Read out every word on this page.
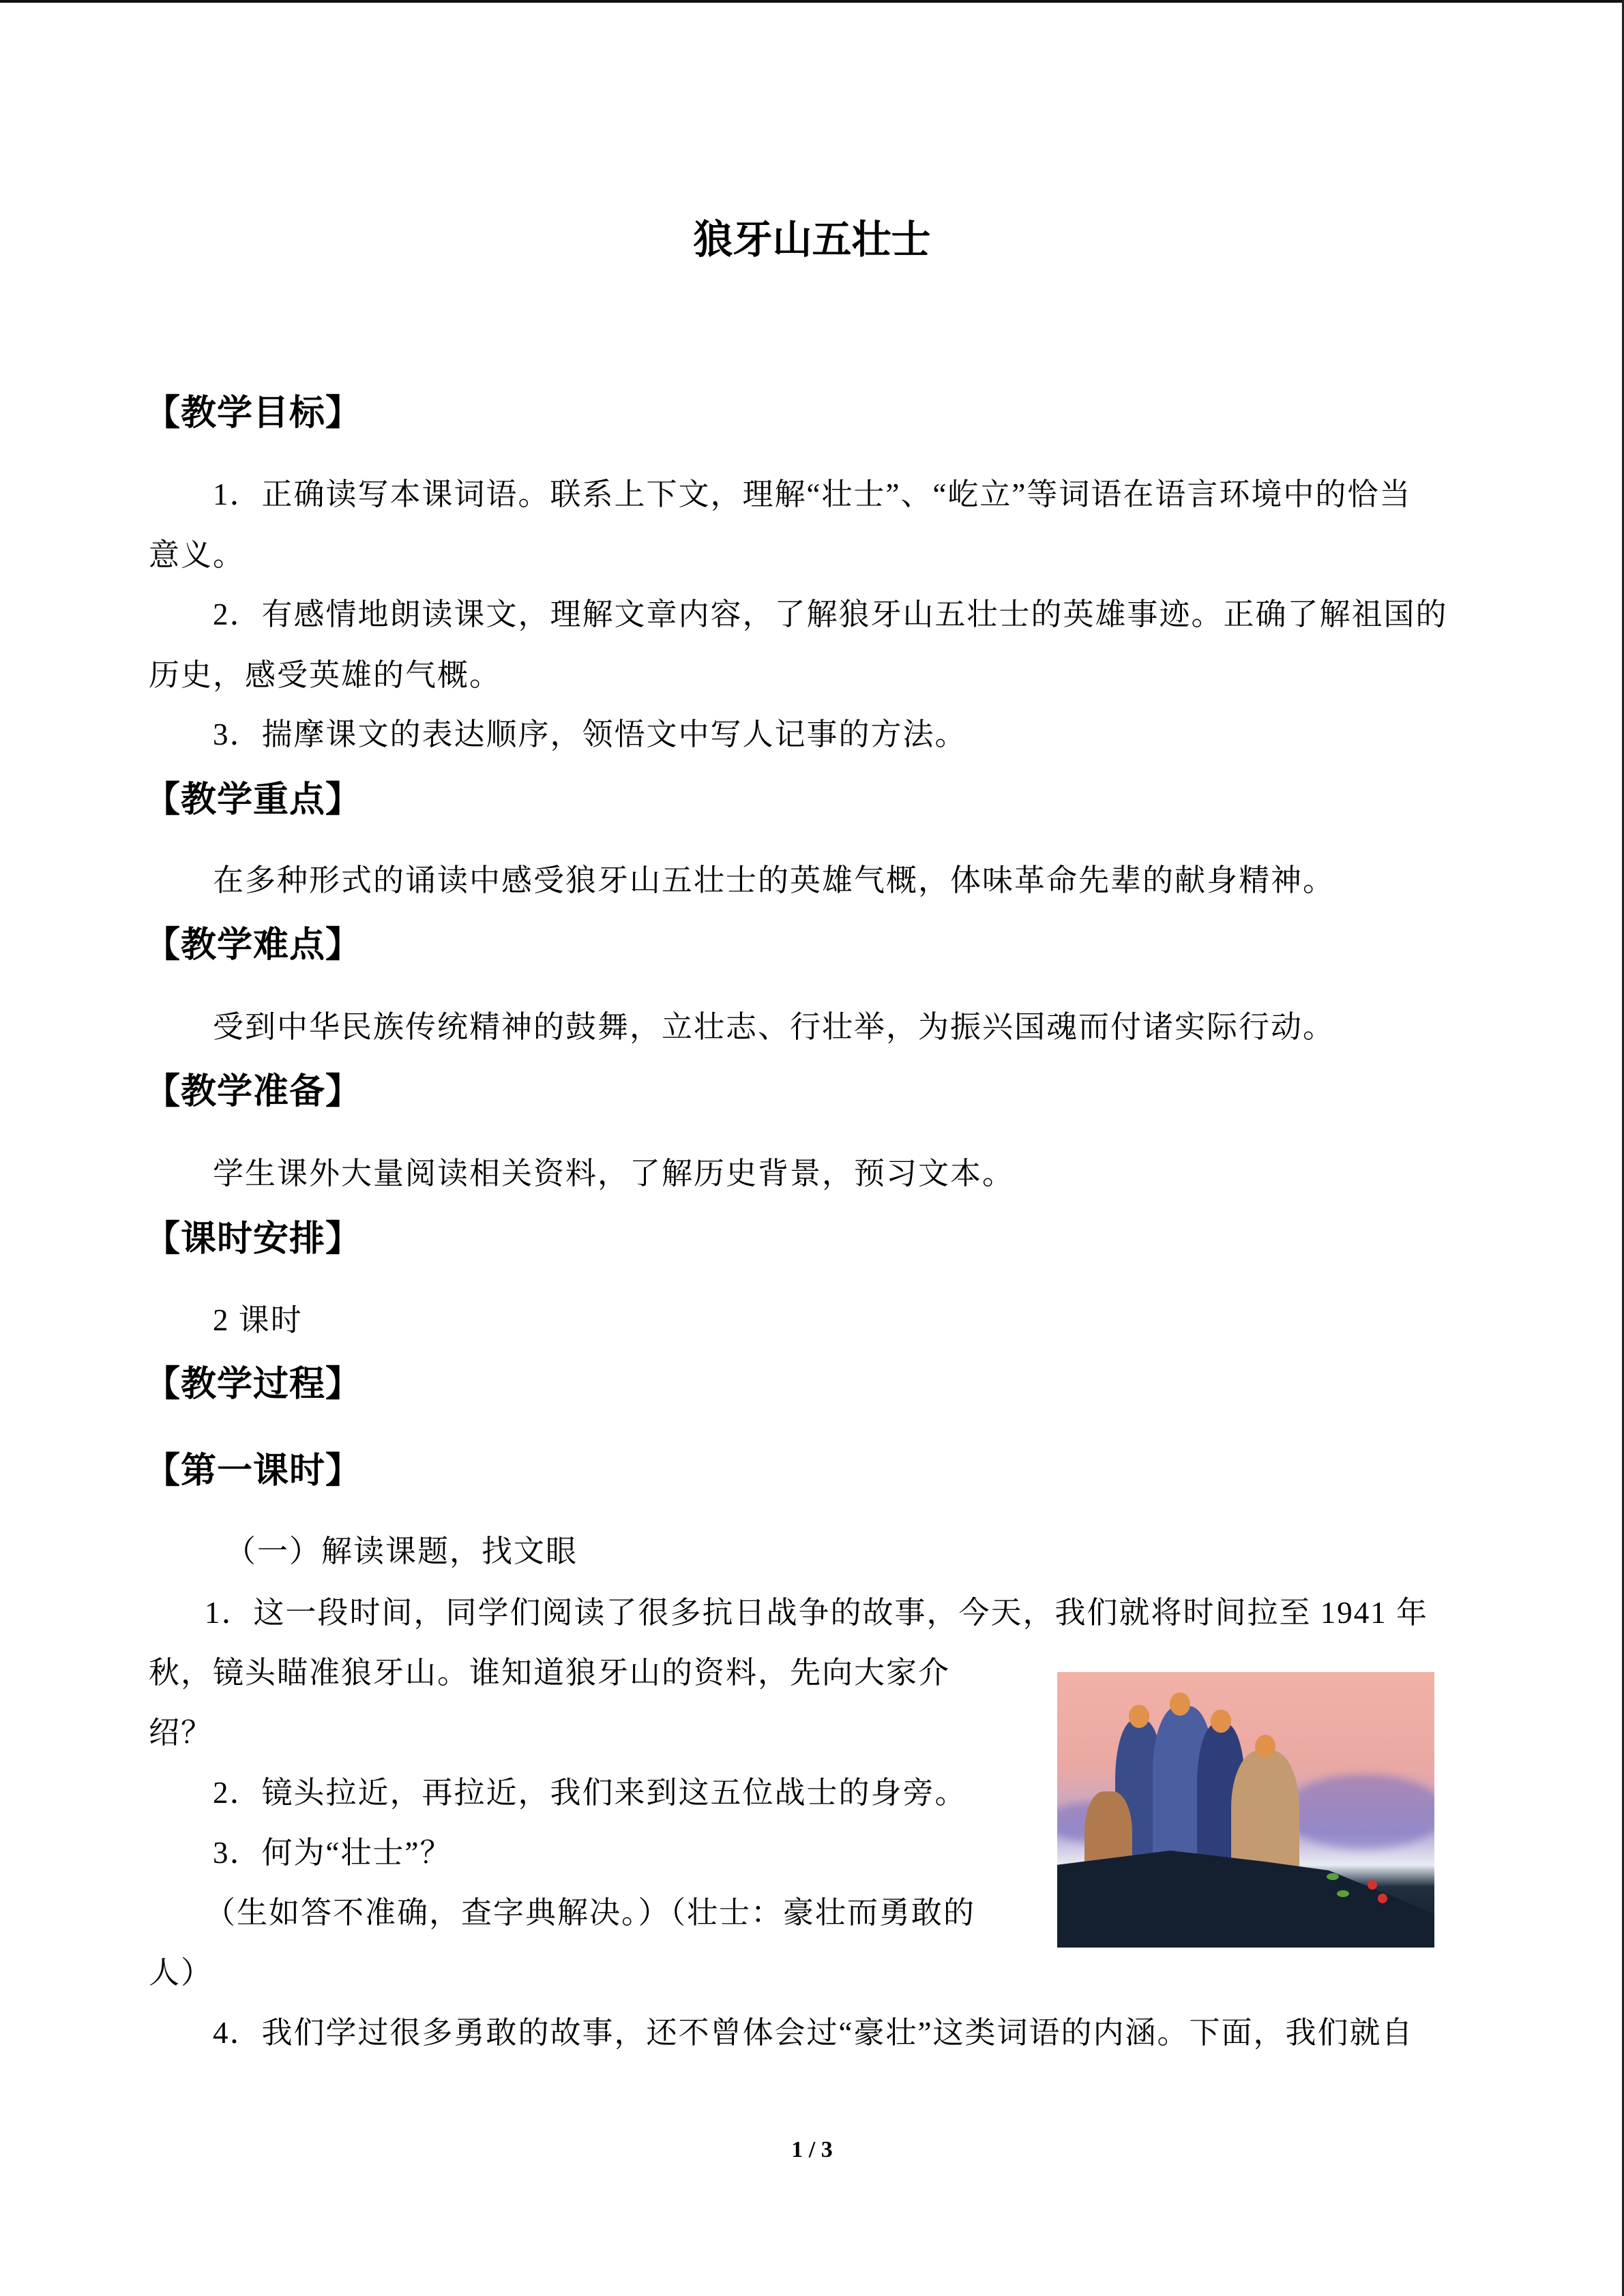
狼牙山五壮士
【教学目标】
1．正确读写本课词语。联系上下文，理解“壮士”、“屹立”等词语在语言环境中的恰当
意义。
2．有感情地朗读课文，理解文章内容，了解狼牙山五壮士的英雄事迹。正确了解祖国的
历史，感受英雄的气概。
3．揣摩课文的表达顺序，领悟文中写人记事的方法。
【教学重点】
在多种形式的诵读中感受狼牙山五壮士的英雄气概，体味革命先辈的献身精神。
【教学难点】
受到中华民族传统精神的鼓舞，立壮志、行壮举，为振兴国魂而付诸实际行动。
【教学准备】
学生课外大量阅读相关资料，了解历史背景，预习文本。
【课时安排】
2 课时
【教学过程】
【第一课时】
（一）解读课题，找文眼
1．这一段时间，同学们阅读了很多抗日战争的故事，今天，我们就将时间拉至 1941 年
秋，镜头瞄准狼牙山。谁知道狼牙山的资料，先向大家介
绍？
2．镜头拉近，再拉近，我们来到这五位战士的身旁。
3．何为“壮士”？
（生如答不准确，查字典解决。）（壮士：豪壮而勇敢的
人）
4．我们学过很多勇敢的故事，还不曾体会过“豪壮”这类词语的内涵。下面，我们就自
1 / 3
